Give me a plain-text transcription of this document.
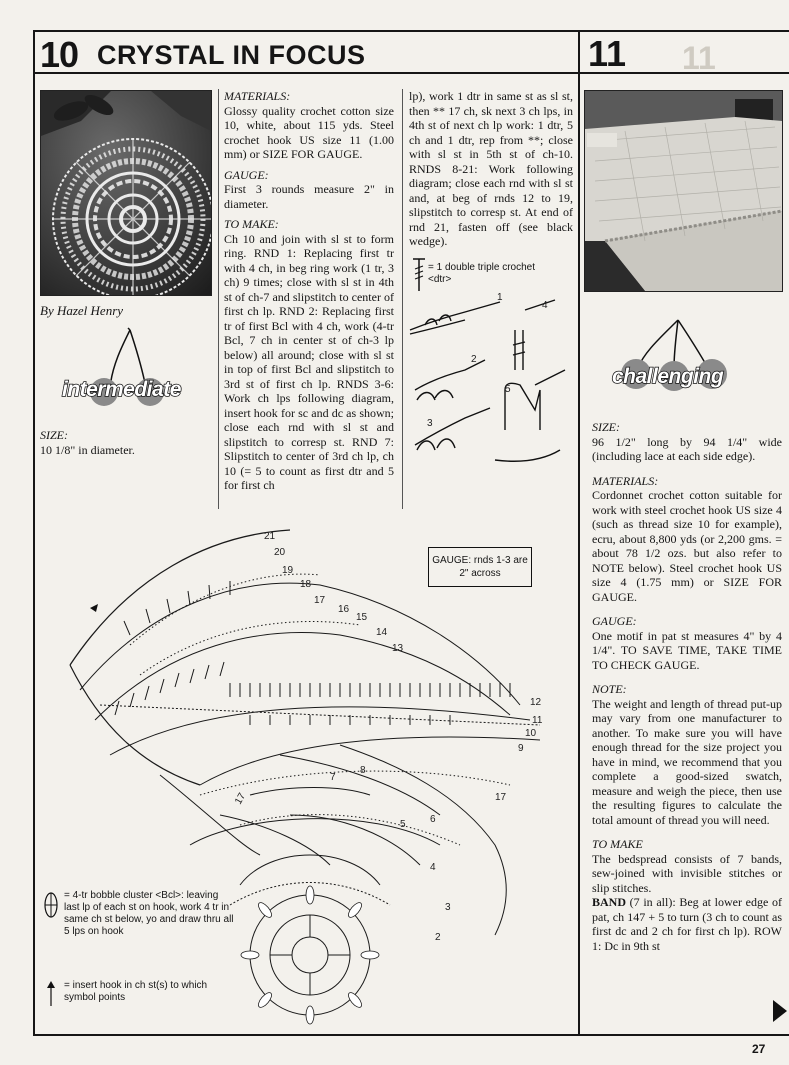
10 CRYSTAL IN FOCUS	11 11
By Hazel Henry
intermediate
SIZE:
10 1/8" in diameter.

MATERIALS:

Glossy quality crochet cotton size 10, white, about 115 yds. Steel crochet hook US size 11 (1.00 mm) or SIZE FOR GAUGE.

GAUGE:

First 3 rounds measure 2" in diameter.

TO MAKE:

Ch 10 and join with sl st to form ring. RND 1: Replacing first tr with 4 ch, in beg ring work (1 tr, 3 ch) 9 times; close with sl st in 4th st of ch-7 and slipstitch to center of first ch lp. RND 2: Replacing first tr of first Bcl with 4 ch, work (4-tr Bcl, 7 ch in center st of ch-3 lp below) all around; close with sl st in top of first Bcl and slipstitch to 3rd st of first ch lp. RNDS 3-6: Work ch lps following diagram, insert hook for sc and dc as shown; close each rnd with sl st and slipstitch to corresp st. RND 7: Slipstitch to center of 3rd ch lp, ch 10 (= 5 to count as first dtr and 5 for first ch

lp), work 1 dtr in same st as sl st, then ** 17 ch, sk next 3 ch lps, in 4th st of next ch lp work: 1 dtr, 5 ch and 1 dtr, rep from **; close with sl st in 5th st of ch-10. RNDS 8-21: Work following diagram; close each rnd with sl st and, at beg of rnds 12 to 19, slipstitch to corresp st. At end of rnd 21, fasten off (see black wedge).

= 1 double triple crochet <dtr>
1
2
3
4
5
21
20
19
18
17
16
15
14
13
12
11
10
9
8
7
6
5
4
3
2
17	17
GAUGE: rnds 1-3 are 2" across
= 4-tr bobble cluster <Bcl>: leaving last lp of each st on hook, work 4 tr in same ch st below, yo and draw thru all 5 lps on hook
= insert hook in ch st(s) to which symbol points
challenging

SIZE:

96 1/2" long by 94 1/4" wide (including lace at each side edge).

MATERIALS:

Cordonnet crochet cotton suitable for work with steel crochet hook US size 4 (such as thread size 10 for example), ecru, about 8,800 yds (or 2,200 gms. = about 78 1/2 ozs. but also refer to NOTE below). Steel crochet hook US size 4 (1.75 mm) or SIZE FOR GAUGE.

GAUGE:

One motif in pat st measures 4" by 4 1/4". TO SAVE TIME, TAKE TIME TO CHECK GAUGE.

NOTE:

The weight and length of thread put-up may vary from one manufacturer to another. To make sure you will have enough thread for the size project you have in mind, we recommend that you complete a good-sized swatch, measure and weigh the piece, then use the resulting figures to calculate the total amount of thread you will need.

TO MAKE

The bedspread consists of 7 bands, sew-joined with invisible stitches or slip stitches.

BAND (7 in all): Beg at lower edge of pat, ch 147 + 5 to turn (3 ch to count as first dc and 2 ch for first ch lp). ROW 1: Dc in 9th st

27
